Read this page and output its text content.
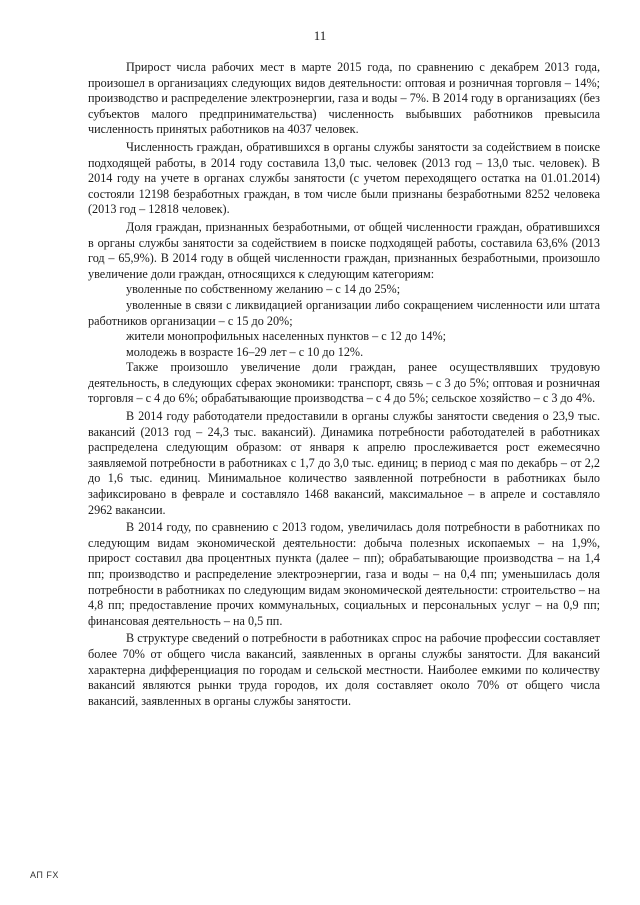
11

Прирост числа рабочих мест в марте 2015 года, по сравнению с декабрем 2013 года, произошел в организациях следующих видов деятельности: оптовая и розничная торговля – 14%; производство и распределение электроэнергии, газа и воды – 7%. В 2014 году в организациях (без субъектов малого предпринимательства) численность выбывших работников превысила численность принятых работников на 4037 человек.

Численность граждан, обратившихся в органы службы занятости за содействием в поиске подходящей работы, в 2014 году составила 13,0 тыс. человек (2013 год – 13,0 тыс. человек). В 2014 году на учете в органах службы занятости (с учетом переходящего остатка на 01.01.2014) состояли 12198 безработных граждан, в том числе были признаны безработными 8252 человека (2013 год – 12818 человек).

Доля граждан, признанных безработными, от общей численности граждан, обратившихся в органы службы занятости за содействием в поиске подходящей работы, составила 63,6% (2013 год – 65,9%). В 2014 году в общей численности граждан, признанных безработными, произошло увеличение доли граждан, относящихся к следующим категориям:

уволенные по собственному желанию – с 14 до 25%;

уволенные в связи с ликвидацией организации либо сокращением численности или штата работников организации – с 15 до 20%;

жители монопрофильных населенных пунктов – с 12 до 14%;

молодежь в возрасте 16–29 лет – с 10 до 12%.

Также произошло увеличение доли граждан, ранее осуществлявших трудовую деятельность, в следующих сферах экономики: транспорт, связь – с 3 до 5%; оптовая и розничная торговля – с 4 до 6%; обрабатывающие производства – с 4 до 5%; сельское хозяйство – с 3 до 4%.

В 2014 году работодатели предоставили в органы службы занятости сведения о 23,9 тыс. вакансий (2013 год – 24,3 тыс. вакансий). Динамика потребности работодателей в работниках распределена следующим образом: от января к апрелю прослеживается рост ежемесячно заявляемой потребности в работниках с 1,7 до 3,0 тыс. единиц; в период с мая по декабрь – от 2,2 до 1,6 тыс. единиц. Минимальное количество заявленной потребности в работниках было зафиксировано в феврале и составляло 1468 вакансий, максимальное – в апреле и составляло 2962 вакансии.

В 2014 году, по сравнению с 2013 годом, увеличилась доля потребности в работниках по следующим видам экономической деятельности: добыча полезных ископаемых – на 1,9%, прирост составил два процентных пункта (далее – пп); обрабатывающие производства – на 1,4 пп; производство и распределение электроэнергии, газа и воды – на 0,4 пп; уменьшилась доля потребности в работниках по следующим видам экономической деятельности: строительство – на 4,8 пп; предоставление прочих коммунальных, социальных и персональных услуг – на 0,9 пп; финансовая деятельность – на 0,5 пп.

В структуре сведений о потребности в работниках спрос на рабочие профессии составляет более 70% от общего числа вакансий, заявленных в органы службы занятости. Для вакансий характерна дифференциация по городам и сельской местности. Наиболее емкими по количеству вакансий являются рынки труда городов, их доля составляет около 70% от общего числа вакансий, заявленных в органы службы занятости.

АП FX
